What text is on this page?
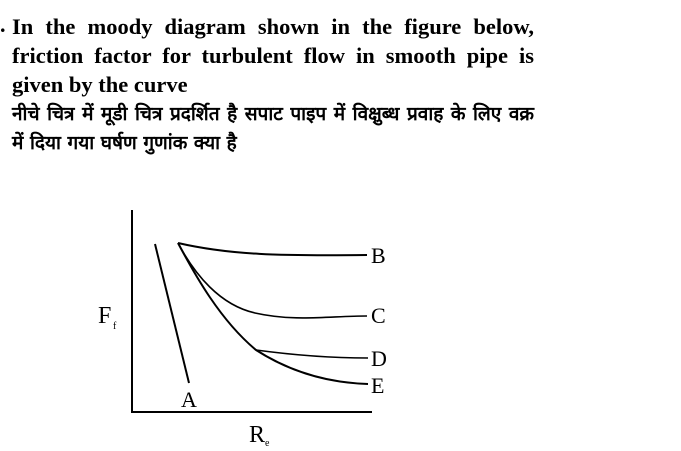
. In the moody diagram shown in the figure below, friction factor for turbulent flow in smooth pipe is given by the curve

नीचे चित्र में मूडी चित्र प्रदर्शित है सपाट पाइप में विक्षुब्ध प्रवाह के लिए वक्र में दिया गया घर्षण गुणांक क्या है

B
C
D
E
A
F f
R e
